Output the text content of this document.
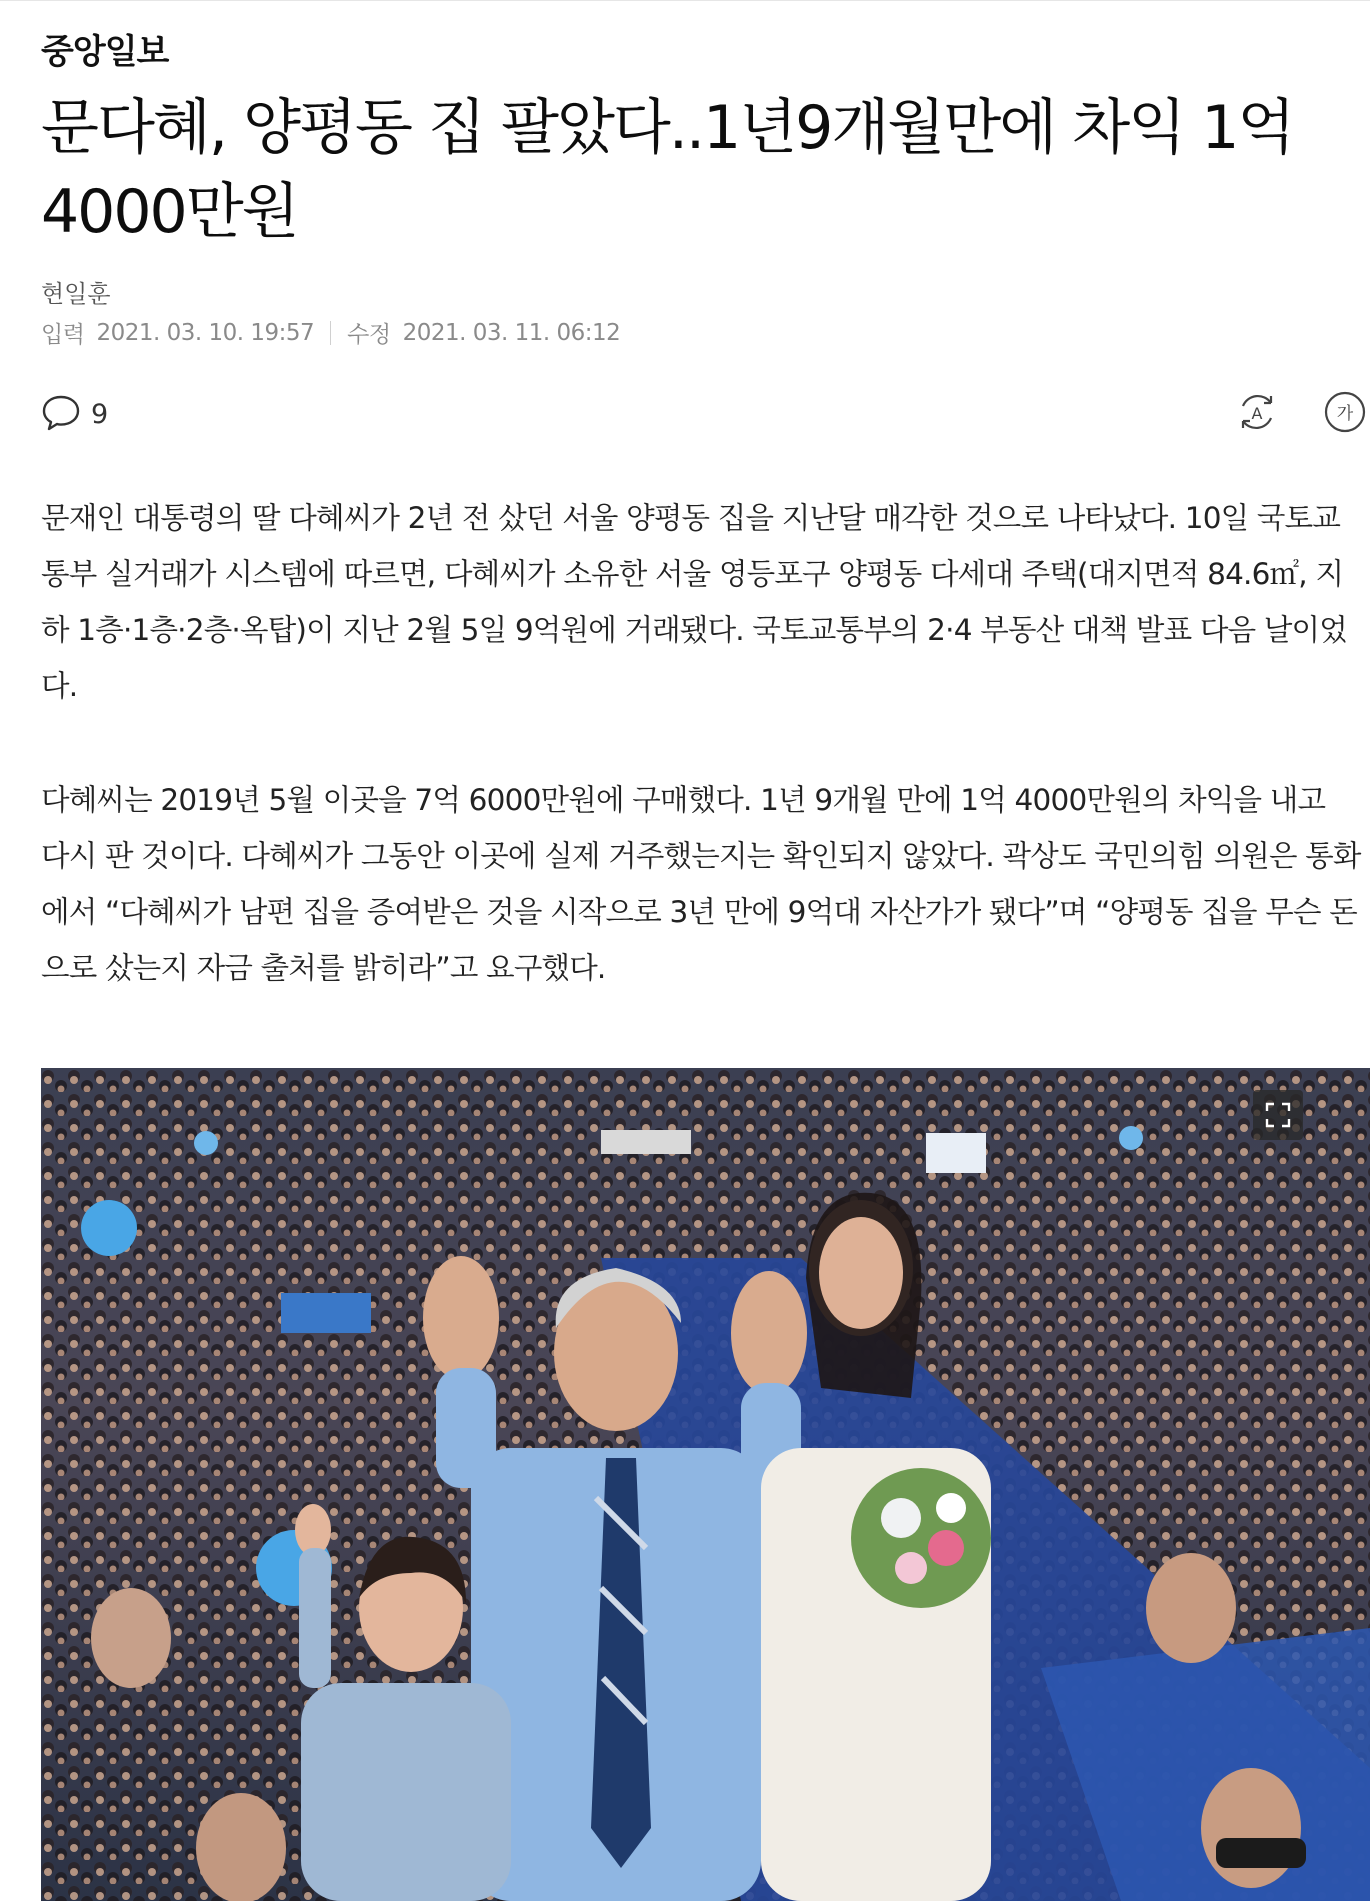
중앙일보
문다혜, 양평동 집 팔았다..1년9개월만에 차익 1억 4000만원
현일훈
입력 2021. 03. 10. 19:57 수정 2021. 03. 11. 06:12
9	A	가

문재인 대통령의 딸 다혜씨가 2년 전 샀던 서울 양평동 집을 지난달 매각한 것으로 나타났다. 10일 국토교통부 실거래가 시스템에 따르면, 다혜씨가 소유한 서울 영등포구 양평동 다세대 주택(대지면적 84.6㎡, 지하 1층·1층·2층·옥탑)이 지난 2월 5일 9억원에 거래됐다. 국토교통부의 2·4 부동산 대책 발표 다음 날이었다.

다혜씨는 2019년 5월 이곳을 7억 6000만원에 구매했다. 1년 9개월 만에 1억 4000만원의 차익을 내고 다시 판 것이다. 다혜씨가 그동안 이곳에 실제 거주했는지는 확인되지 않았다. 곽상도 국민의힘 의원은 통화에서 “다혜씨가 남편 집을 증여받은 것을 시작으로 3년 만에 9억대 자산가가 됐다”며 “양평동 집을 무슨 돈으로 샀는지 자금 출처를 밝히라”고 요구했다.
